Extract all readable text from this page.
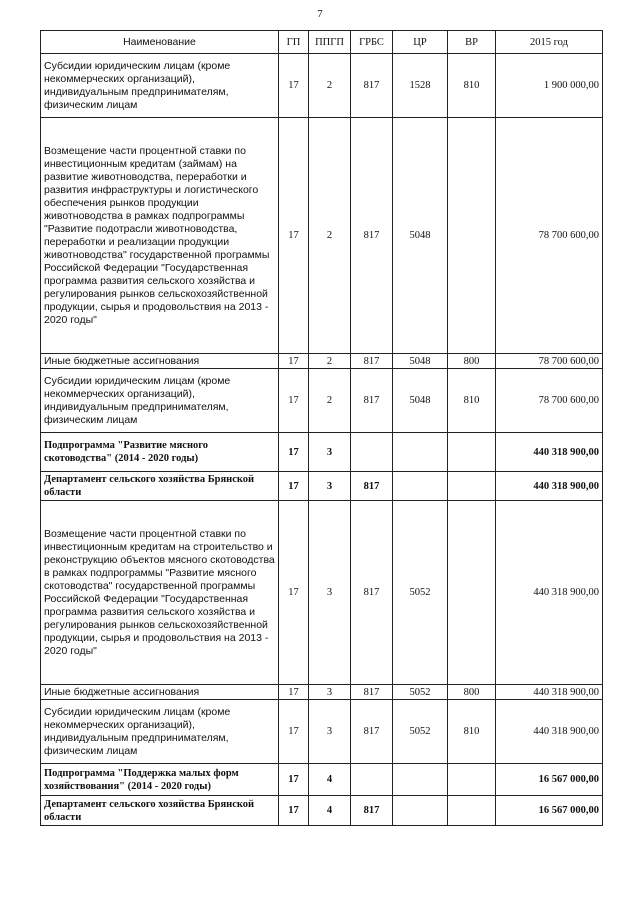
7
Наименование	ГП	ППГП	ГРБС	ЦР	ВР	2015 год
Субсидии юридическим лицам (кроме некоммерческих организаций), индивидуальным предпринимателям, физическим лицам	17	2	817	1528	810	1 900 000,00
Возмещение части процентной ставки по инвестиционным кредитам (займам) на развитие животноводства, переработки и развития инфраструктуры и логистического обеспечения рынков продукции животноводства в рамках подпрограммы "Развитие подотрасли животноводства, переработки и реализации продукции животноводства" государственной программы Российской Федерации "Государственная программа развития сельского хозяйства и регулирования рынков сельскохозяйственной продукции, сырья и продовольствия на 2013 - 2020 годы"	17	2	817	5048		78 700 600,00
Иные бюджетные ассигнования	17	2	817	5048	800	78 700 600,00
Субсидии юридическим лицам (кроме некоммерческих организаций), индивидуальным предпринимателям, физическим лицам	17	2	817	5048	810	78 700 600,00
Подпрограмма "Развитие мясного скотоводства" (2014 - 2020 годы)	17	3				440 318 900,00
Департамент сельского хозяйства Брянской области	17	3	817			440 318 900,00
Возмещение части процентной ставки по инвестиционным кредитам на строительство и реконструкцию объектов мясного скотоводства в рамках подпрограммы "Развитие мясного скотоводства" государственной программы Российской Федерации "Государственная программа развития сельского хозяйства и регулирования рынков сельскохозяйственной продукции, сырья и продовольствия на 2013 - 2020 годы"	17	3	817	5052		440 318 900,00
Иные бюджетные ассигнования	17	3	817	5052	800	440 318 900,00
Субсидии юридическим лицам (кроме некоммерческих организаций), индивидуальным предпринимателям, физическим лицам	17	3	817	5052	810	440 318 900,00
Подпрограмма "Поддержка малых форм хозяйствования" (2014 - 2020 годы)	17	4				16 567 000,00
Департамент сельского хозяйства Брянской области	17	4	817			16 567 000,00
